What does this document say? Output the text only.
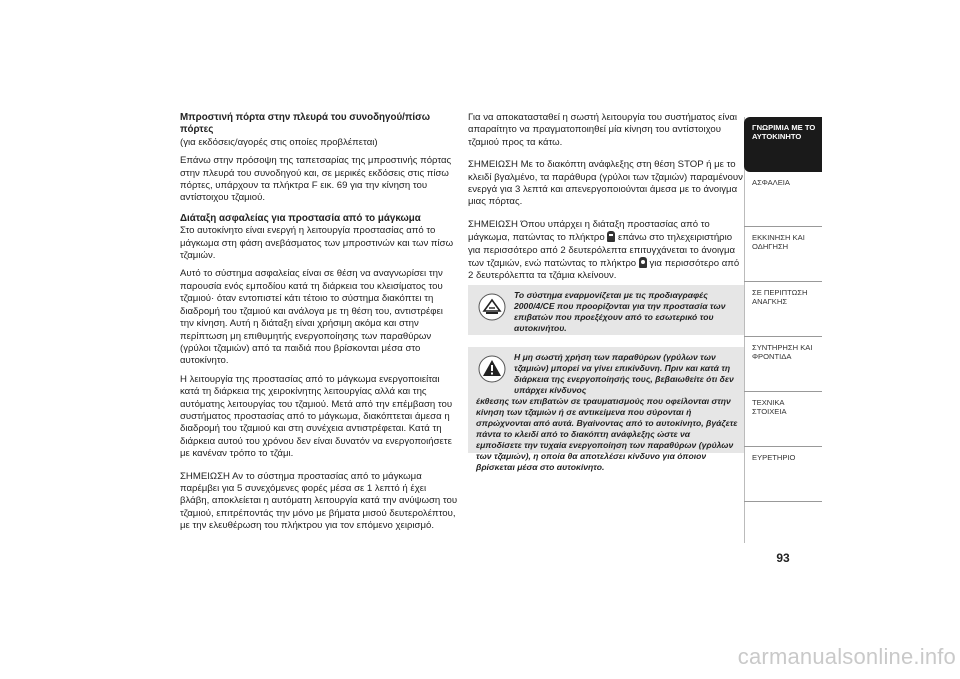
Μπροστινή πόρτα στην πλευρά του συνοδηγού/πίσω πόρτες

(για εκδόσεις/αγορές στις οποίες προβλέπεται)

Επάνω στην πρόσοψη της ταπετσαρίας της μπροστινής πόρτας στην πλευρά του συνοδηγού και, σε μερικές εκδόσεις στις πίσω πόρτες, υπάρχουν τα πλήκτρα F εικ. 69 για την κίνηση του αντίστοιχου τζαμιού.

Διάταξη ασφαλείας για προστασία από το μάγκωμα

Στο αυτοκίνητο είναι ενεργή η λειτουργία προστασίας από το μάγκωμα στη φάση ανεβάσματος των μπροστινών και των πίσω τζαμιών.

Αυτό το σύστημα ασφαλείας είναι σε θέση να αναγνωρίσει την παρουσία ενός εμποδίου κατά τη διάρκεια του κλεισίματος του τζαμιού· όταν εντοπιστεί κάτι τέτοιο το σύστημα διακόπτει τη διαδρομή του τζαμιού και ανάλογα με τη θέση του, αντιστρέφει την κίνηση. Αυτή η διάταξη είναι χρήσιμη ακόμα και στην περίπτωση μη επιθυμητής ενεργοποίησης των παραθύρων (γρύλοι τζαμιών) από τα παιδιά που βρίσκονται μέσα στο αυτοκίνητο.

Η λειτουργία της προστασίας από το μάγκωμα ενεργοποιείται κατά τη διάρκεια της χειροκίνητης λειτουργίας αλλά και της αυτόματης λειτουργίας του τζαμιού. Μετά από την επέμβαση του συστήματος προστασίας από το μάγκωμα, διακόπτεται άμεσα η διαδρομή του τζαμιού και στη συνέχεια αντιστρέφεται. Κατά τη διάρκεια αυτού του χρόνου δεν είναι δυνατόν να ενεργοποιήσετε με κανέναν τρόπο το τζάμι.

ΣΗΜΕΙΩΣΗ Αν το σύστημα προστασίας από το μάγκωμα παρέμβει για 5 συνεχόμενες φορές μέσα σε 1 λεπτό ή έχει βλάβη, αποκλείεται η αυτόματη λειτουργία κατά την ανύψωση του τζαμιού, επιτρέποντάς την μόνο με βήματα μισού δευτερολέπτου, με την ελευθέρωση του πλήκτρου για τον επόμενο χειρισμό.

Για να αποκατασταθεί η σωστή λειτουργία του συστήματος είναι απαραίτητο να πραγματοποιηθεί μία κίνηση του αντίστοιχου τζαμιού προς τα κάτω.

ΣΗΜΕΙΩΣΗ Με το διακόπτη ανάφλεξης στη θέση STOP ή με το κλειδί βγαλμένο, τα παράθυρα (γρύλοι των τζαμιών) παραμένουν ενεργά για 3 λεπτά και απενεργοποιούνται άμεσα με το άνοιγμα μιας πόρτας.

ΣΗΜΕΙΩΣΗ Όπου υπάρχει η διάταξη προστασίας από το μάγκωμα, πατώντας το πλήκτρο επάνω στο τηλεχειριστήριο για περισσότερο από 2 δευτερόλεπτα επιτυγχάνεται το άνοιγμα των τζαμιών, ενώ πατώντας το πλήκτρο για περισσότερο από 2 δευτερόλεπτα τα τζάμια κλείνουν.

Το σύστημα εναρμονίζεται με τις προδιαγραφές 2000/4/CE που προορίζονται για την προστασία των επιβατών που προεξέχουν από το εσωτερικό του αυτοκινήτου.
Η μη σωστή χρήση των παραθύρων (γρύλων των τζαμιών) μπορεί να γίνει επικίνδυνη. Πριν και κατά τη διάρκεια της ενεργοποίησής τους, βεβαιωθείτε ότι δεν υπάρχει κίνδυνος
έκθεσης των επιβατών σε τραυματισμούς που οφείλονται στην κίνηση των τζαμιών ή σε αντικείμενα που σύρονται ή σπρώχνονται από αυτά. Βγαίνοντας από το αυτοκίνητο, βγάζετε πάντα το κλειδί από το διακόπτη ανάφλεξης ώστε να εμποδίσετε την τυχαία ενεργοποίηση των παραθύρων (γρύλων των τζαμιών), η οποία θα αποτελέσει κίνδυνο για όποιον βρίσκεται μέσα στο αυτοκίνητο.
ΓΝΩΡΙΜΙΑ ΜΕ ΤΟ ΑΥΤΟΚΙΝΗΤΟ
ΑΣΦΑΛΕΙΑ
ΕΚΚΙΝΗΣΗ ΚΑΙ ΟΔΗΓΗΣΗ
ΣΕ ΠΕΡΙΠΤΩΣΗ ΑΝΑΓΚΗΣ
ΣΥΝΤΗΡΗΣΗ ΚΑΙ ΦΡΟΝΤΙΔΑ
ΤΕΧΝΙΚΑ ΣΤΟΙΧΕΙΑ
ΕΥΡΕΤΗΡΙΟ
93
carmanualsonline.info
